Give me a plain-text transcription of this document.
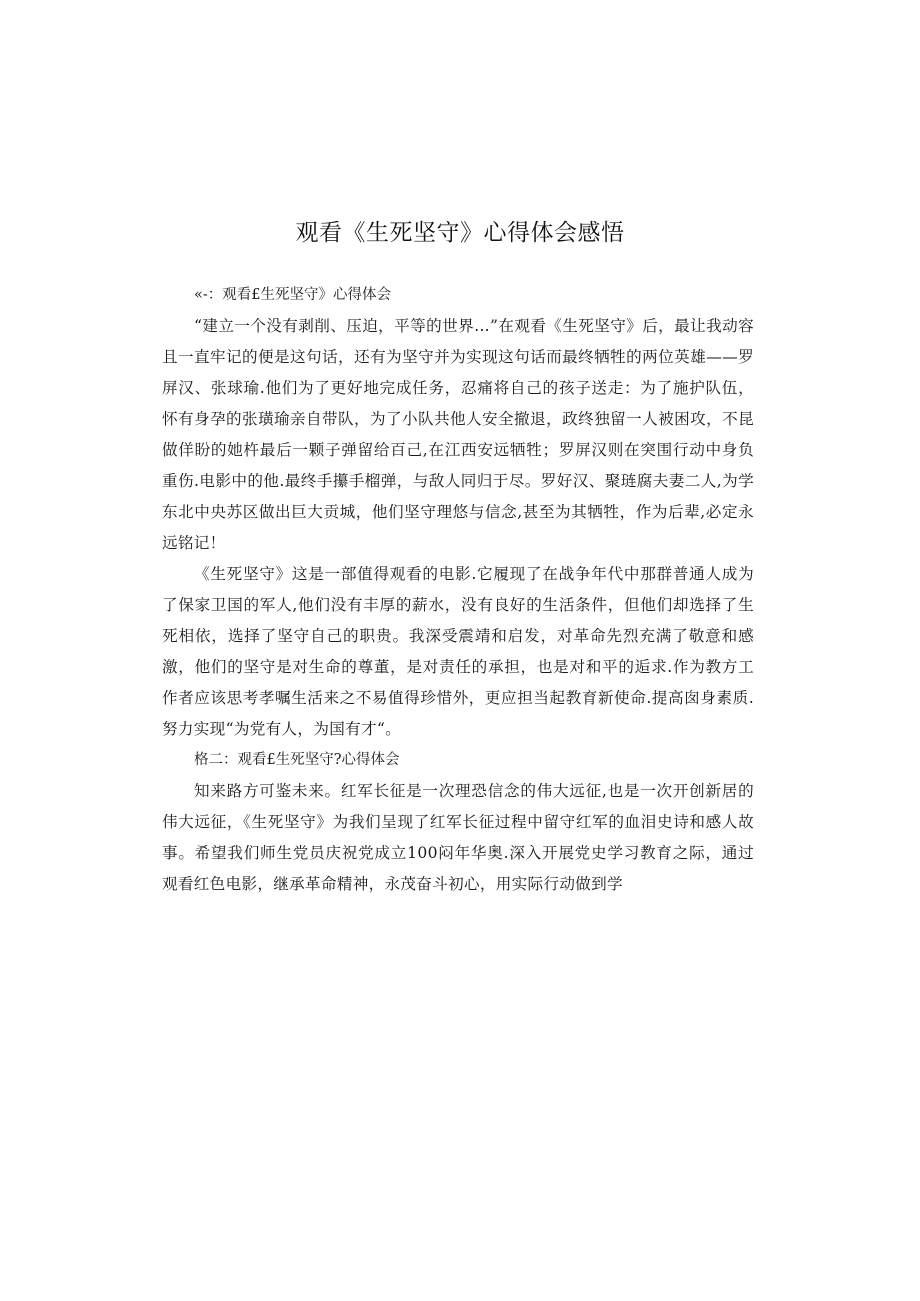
观看《生死坚守》心得体会感悟

«-：观看£生死坚守》心得体会

“建立一个没有剥削、压迫，平等的世界…”在观看《生死坚守》后，最让我动容且一直牢记的便是这句话，还有为坚守并为实现这句话而最终牺牲的两位英雄——罗屏汉、张球瑜.他们为了更好地完成任务，忍痛将自己的孩子送走：为了施护队伍，怀有身孕的张璜瑜亲自带队，为了小队共他人安全撤退，政终独留一人被困攻，不昆做佯盼的她杵最后一颗子弹留给百己,在江西安远牺牲；罗屏汉则在突围行动中身负重伤.电影中的他.最终手攥手榴弹，与敌人同归于尽。罗好汉、聚琏腐夫妻二人,为学东北中央苏区做出巨大贡城，他们坚守理悠与信念,甚至为其牺牲，作为后辈,必定永远铭记！

《生死坚守》这是一部值得观看的电影.它履现了在战争年代中那群普通人成为了保家卫国的军人,他们没有丰厚的薪水，没有良好的生活条件，但他们却选择了生死相依，选择了坚守自己的职贵。我深受震靖和启发，对革命先烈充满了敬意和感激，他们的坚守是对生命的尊董，是对责任的承担，也是对和平的逅求.作为教方工作者应该思考孝嘱生活来之不易值得珍惜外，更应担当起教育新使命.提高囱身素质.努力实现“为党有人，为国有才“。

格二：观看£生死坚守?心得体会

知来路方可鉴未来。红军长征是一次理恐信念的伟大远征,也是一次开创新居的伟大远征，《生死坚守》为我们呈现了红军长征过程中留守红军的血泪史诗和感人故事。希望我们师生党员庆祝党成立100闷年华奥.深入开展党史学习教育之际，通过观看红色电影，继承革命精神，永茂奋斗初心，用实际行动做到学
